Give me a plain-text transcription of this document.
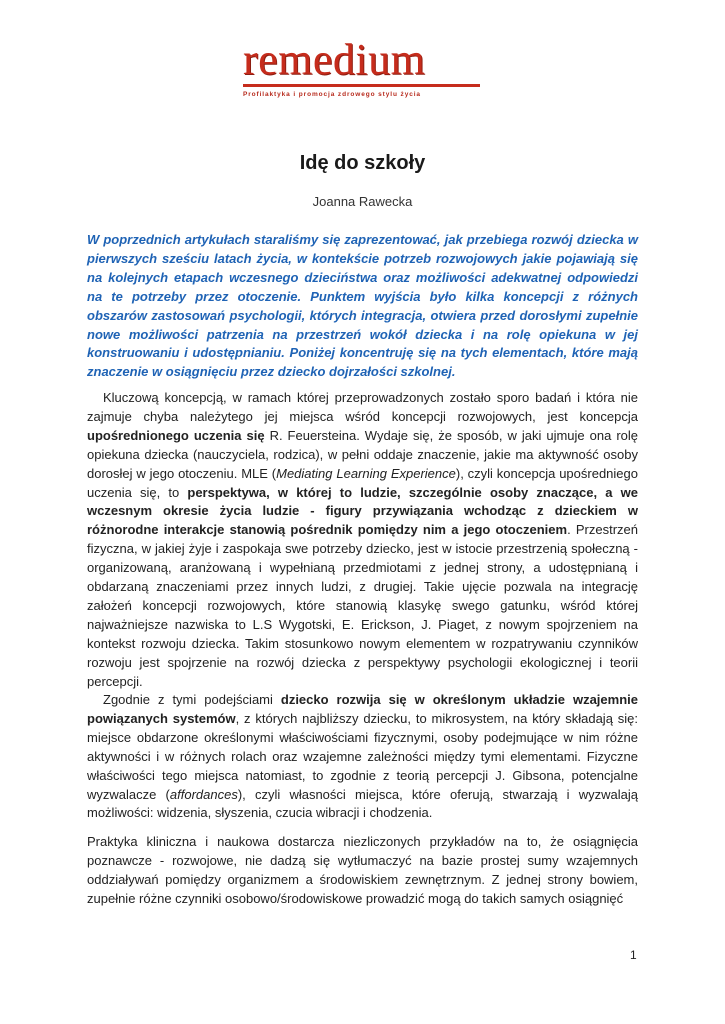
remedium
Profilaktyka i promocja zdrowego stylu życia
Idę do szkoły
Joanna Rawecka
W poprzednich artykułach staraliśmy się zaprezentować, jak przebiega rozwój dziecka w pierwszych sześciu latach życia, w kontekście potrzeb rozwojowych jakie pojawiają się na kolejnych etapach wczesnego dzieciństwa oraz możliwości adekwatnej odpowiedzi na te potrzeby przez otoczenie. Punktem wyjścia było kilka koncepcji z różnych obszarów zastosowań psychologii, których integracja, otwiera przed dorosłymi zupełnie nowe możliwości patrzenia na przestrzeń wokół dziecka i na rolę opiekuna w jej konstruowaniu i udostępnianiu. Poniżej koncentruję się na tych elementach, które mają znaczenie w osiągnięciu przez dziecko dojrzałości szkolnej.
Kluczową koncepcją, w ramach której przeprowadzonych zostało sporo badań i która nie zajmuje chyba należytego jej miejsca wśród koncepcji rozwojowych, jest koncepcja upośrednionego uczenia się R. Feuersteina. Wydaje się, że sposób, w jaki ujmuje ona rolę opiekuna dziecka (nauczyciela, rodzica), w pełni oddaje znaczenie, jakie ma aktywność osoby dorosłej w jego otoczeniu. MLE (Mediating Learning Experience), czyli koncepcja upośredniego uczenia się, to perspektywa, w której to ludzie, szczególnie osoby znaczące, a we wczesnym okresie życia ludzie - figury przywiązania wchodząc z dzieckiem w różnorodne interakcje stanowią pośrednik pomiędzy nim a jego otoczeniem. Przestrzeń fizyczna, w jakiej żyje i zaspokaja swe potrzeby dziecko, jest w istocie przestrzenią społeczną - organizowaną, aranżowaną i wypełnianą przedmiotami z jednej strony, a udostępnianą i obdarzaną znaczeniami przez innych ludzi, z drugiej. Takie ujęcie pozwala na integrację założeń koncepcji rozwojowych, które stanowią klasykę swego gatunku, wśród której najważniejsze nazwiska to L.S Wygotski, E. Erickson, J. Piaget, z nowym spojrzeniem na kontekst rozwoju dziecka. Takim stosunkowo nowym elementem w rozpatrywaniu czynników rozwoju jest spojrzenie na rozwój dziecka z perspektywy psychologii ekologicznej i teorii percepcji.
Zgodnie z tymi podejściami dziecko rozwija się w określonym układzie wzajemnie powiązanych systemów, z których najbliższy dziecku, to mikrosystem, na który składają się: miejsce obdarzone określonymi właściwościami fizycznymi, osoby podejmujące w nim różne aktywności i w różnych rolach oraz wzajemne zależności między tymi elementami. Fizyczne właściwości tego miejsca natomiast, to zgodnie z teorią percepcji J. Gibsona, potencjalne wyzwalacze (affordances), czyli własności miejsca, które oferują, stwarzają i wyzwalają możliwości: widzenia, słyszenia, czucia wibracji i chodzenia.
Praktyka kliniczna i naukowa dostarcza niezliczonych przykładów na to, że osiągnięcia poznawcze - rozwojowe, nie dadzą się wytłumaczyć na bazie prostej sumy wzajemnych oddziaływań pomiędzy organizmem a środowiskiem zewnętrznym. Z jednej strony bowiem, zupełnie różne czynniki osobowo/środowiskowe prowadzić mogą do takich samych osiągnięć
1
